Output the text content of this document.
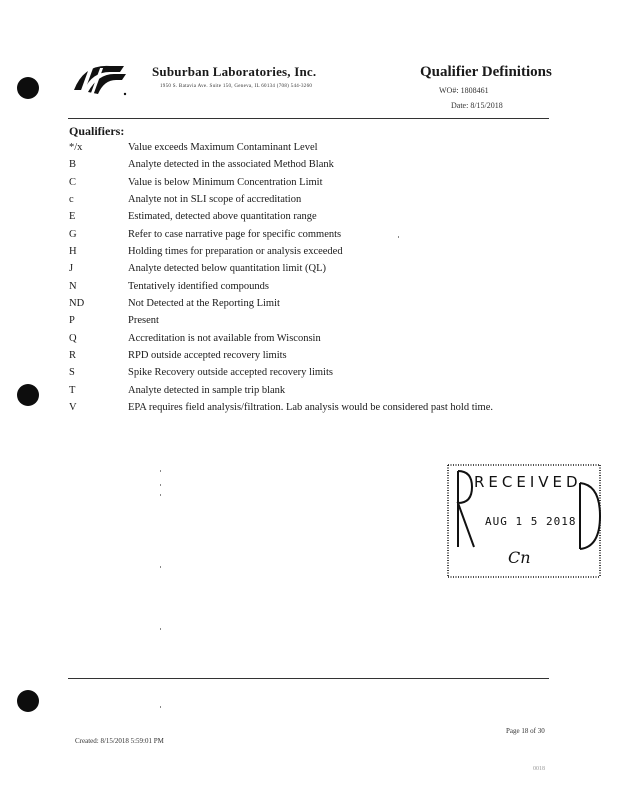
Suburban Laboratories, Inc.
1950 S. Batavia Ave. Suite 150, Geneva, IL 60134 (708) 544-3260
Qualifier Definitions
WO#: 1808461
Date: 8/15/2018
Qualifiers:
*/x	Value exceeds Maximum Contaminant Level
B	Analyte detected in the associated Method Blank
C	Value is below Minimum Concentration Limit
c	Analyte not in SLI scope of accreditation
E	Estimated, detected above quantitation range
G	Refer to case narrative page for specific comments
H	Holding times for preparation or analysis exceeded
J	Analyte detected below quantitation limit (QL)
N	Tentatively identified compounds
ND	Not Detected at the Reporting Limit
P	Present
Q	Accreditation is not available from Wisconsin
R	RPD outside accepted recovery limits
S	Spike Recovery outside accepted recovery limits
T	Analyte detected in sample trip blank
V	EPA requires field analysis/filtration. Lab analysis would be considered past hold time.
RECEIVED
AUG 1 5 2018
Cn
Page 18 of 30
Created: 8/15/2018 5:59:01 PM
0018
